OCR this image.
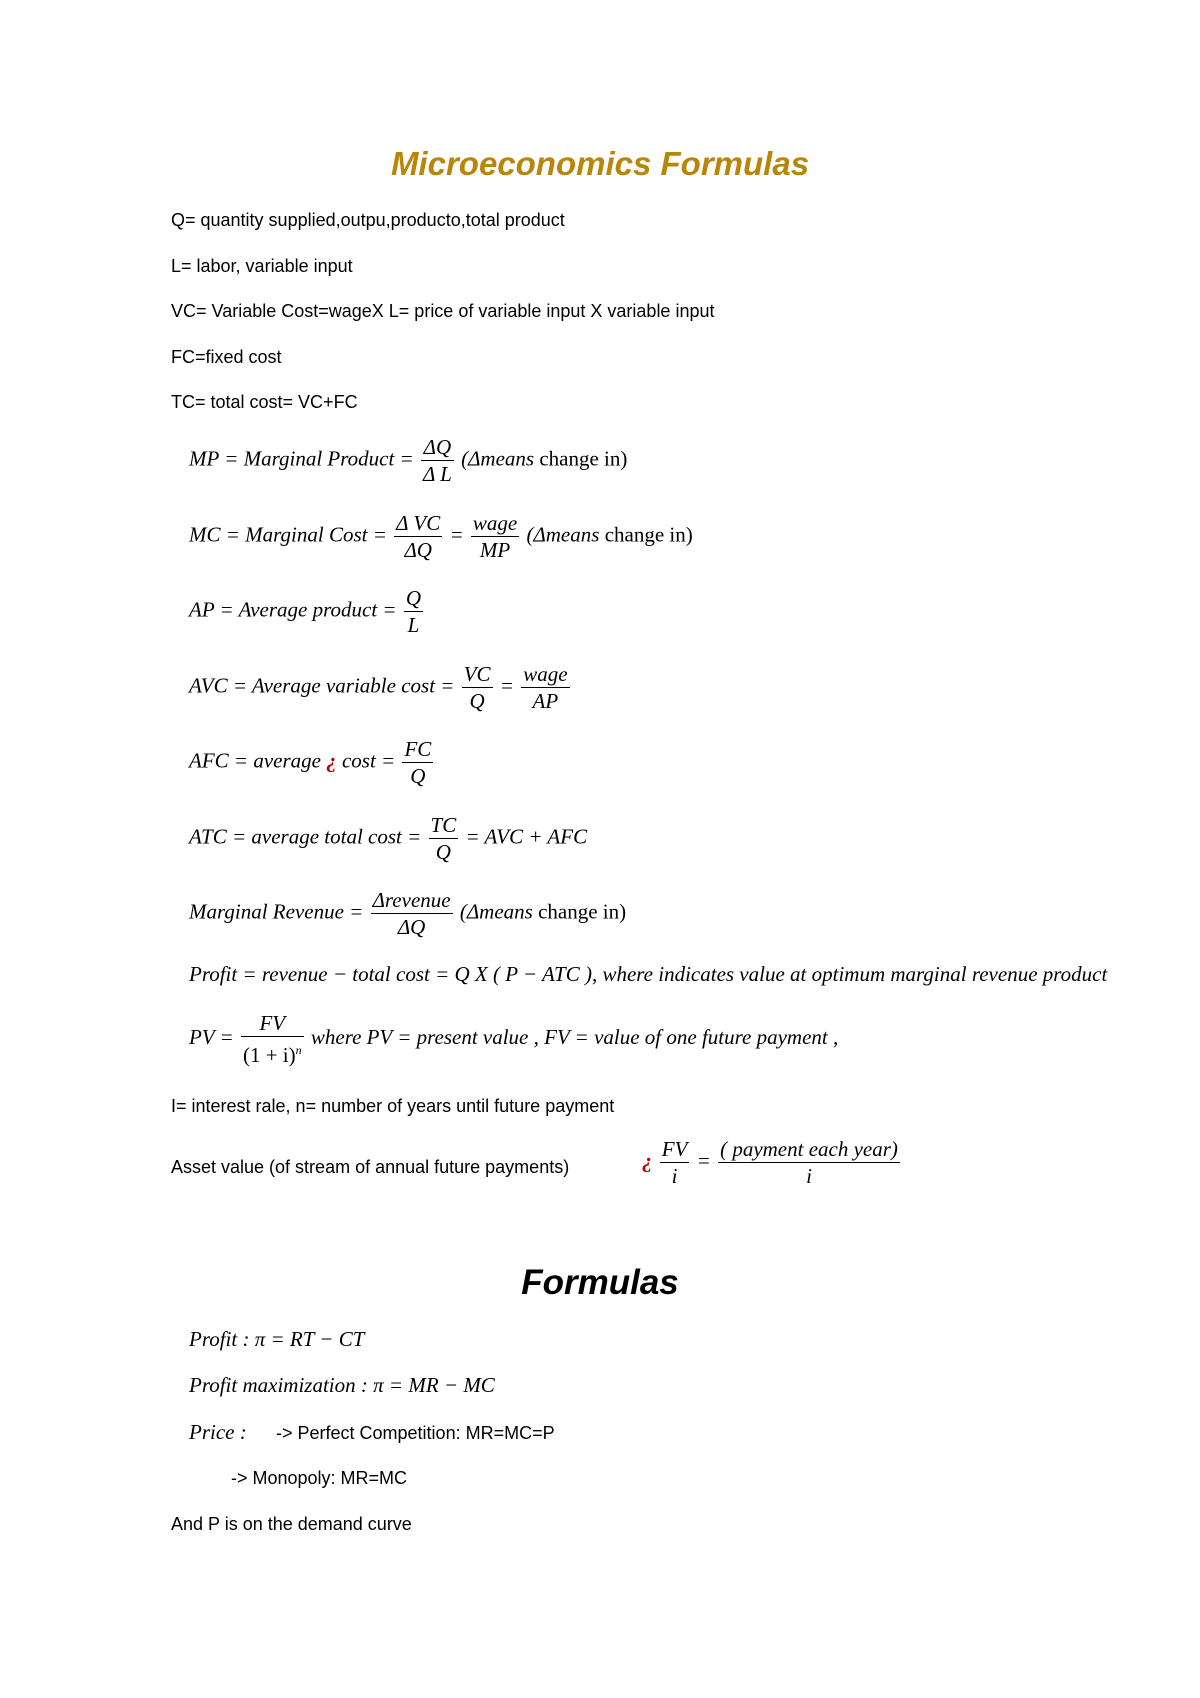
Microeconomics Formulas
Q= quantity supplied,outpu,producto,total product
L= labor, variable input
VC= Variable Cost=wageX L= price of variable input X variable input
FC=fixed cost
TC= total cost= VC+FC
MP = Marginal Product = $\frac{\Delta Q}{\text{Δ L}}$ (Δmeans change in)
MC = Marginal Cost = $\frac{\text{Δ VC}}{\Delta Q} = \frac{\text{wage}}{MP}$ (Δmeans change in)
AP = Average product = $\frac{Q}{L}$
AVC = Average variable $\cos t = \frac{VC}{Q} = \frac{\text{wage}}{AP}$
AFC = average ¿ $\cos t = \frac{FC}{Q}$
ATC = average total $\cos t = \frac{TC}{Q}$ = AVC + AFC
Marginal Revenue = $\frac{\text{Δrevenue}}{\Delta Q}$ (Δmeans change in)
Profit = revenue − total cost = Q X ( P − ATC ), where indicates value at optimum marginal revenue product
PV = $\frac{FV}{(1 + i)^n}$ where PV = present value , FV = value of one future payment ,
I= interest rale, n= number of years until future payment
Asset value (of stream of annual future payments)	¿ $\frac{FV}{i} = \frac{\text{( payment each year)}}{i}$
Formulas
Profit : π = RT − CT
Profit maximization : π = MR − MC
Price : -> Perfect Competition: MR=MC=P
-> Monopoly: MR=MC
And P is on the demand curve
